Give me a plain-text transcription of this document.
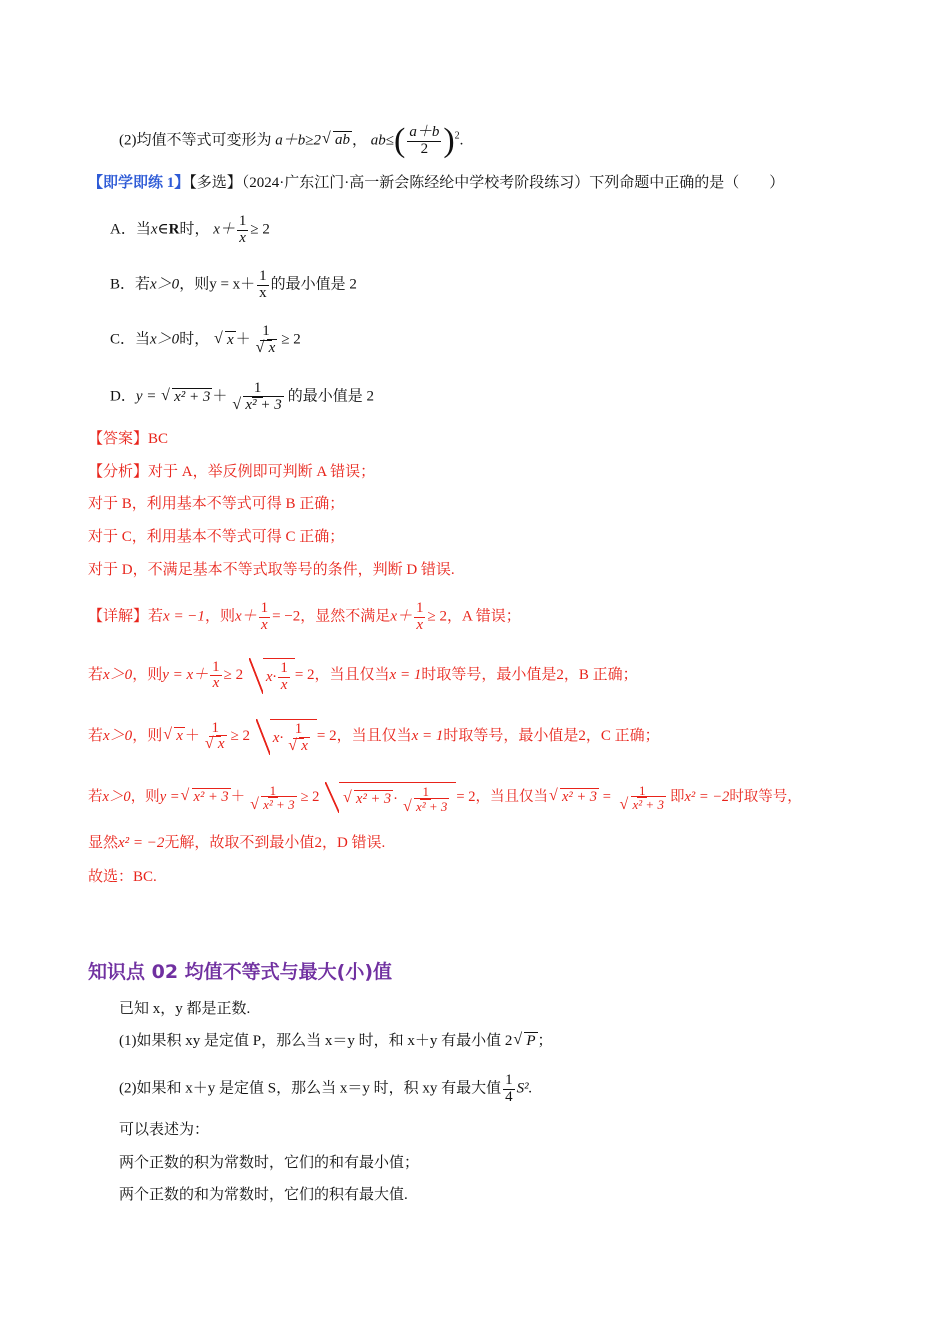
(2)均值不等式可变形为 a＋b≥2 √ ab ， $ab\le( \frac{a+b}{2} )^2$.
【即学即练 1】【多选】（2024·广东江门·高一新会陈经纶中学校考阶段练习）下列命题中正确的是（　　）
A．当x∈R时， $x+ \frac{1}{x} \ge 2$
B．若x＞0，则$y = x+ \frac{1}{x}$ 的最小值是 2
C．当x＞0时， √ x ＋ 1
√ x ≥ 2
D．y = √ x² + 3 ＋ 1
√ x² + 3 的最小值是 2
【答案】BC
【分析】对于 A，举反例即可判断 A 错误；
对于 B，利用基本不等式可得 B 正确；
对于 C，利用基本不等式可得 C 正确；
对于 D，不满足基本不等式取等号的条件，判断 D 错误.
【详解】若x = −1，则$x+ \frac{1}{x} = -2$，显然不满足$x+ \frac{1}{x} \ge 2$，A 错误；
若x＞0，则$y = x+ \frac{1}{x} \ge 2$ $x\cdot \frac{1}{x} = 2$，当且仅当x = 1时取等号，最小值是2，B 正确；
若x＞0，则 √ x ＋ 1
√ x ≥ 2 x· 1
√ x = 2，当且仅当x = 1时取等号，最小值是2，C 正确；
若x＞0，则y = √ x² + 3 ＋ 1
√ x² + 3 ≥ 2	√ x² + 3 · 1
√ x² + 3 = 2，当且仅当 √ x² + 3 = 1
√ x² + 3 即x² = −2时取等号，
显然x² = −2无解，故取不到最小值2，D 错误.
故选：BC.
知识点 02 均值不等式与最大(小)值
已知 x，y 都是正数.
(1)如果积 xy 是定值 P，那么当 x＝y 时，和 x＋y 有最小值 2 √ P ；
(2)如果和 x＋y 是定值 S，那么当 x＝y 时，积 xy 有最大值 $\frac{1}{4} S^2$.
可以表述为：
两个正数的积为常数时，它们的和有最小值；
两个正数的和为常数时，它们的积有最大值.
